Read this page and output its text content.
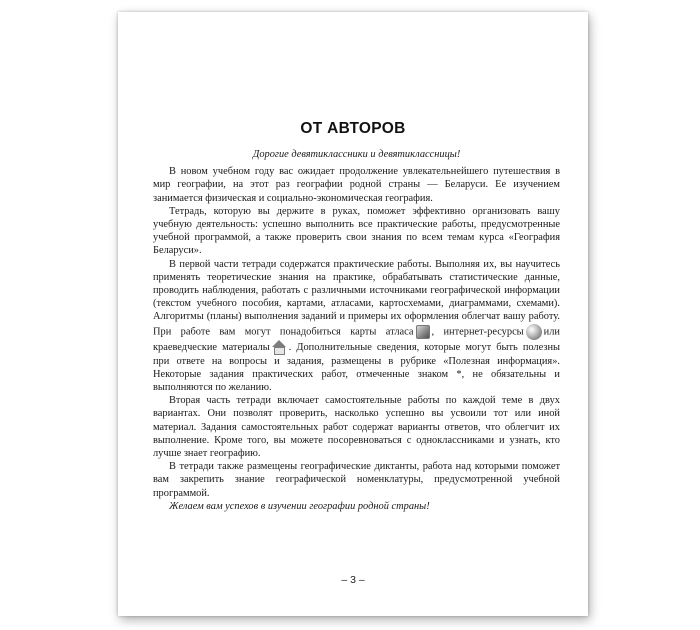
ОТ АВТОРОВ

Дорогие девятиклассники и девятиклассницы!

В новом учебном году вас ожидает продолжение увлекательнейшего путешествия в мир географии, на этот раз географии родной страны — Беларуси. Ее изучением занимается физическая и социально-экономическая география.

Тетрадь, которую вы держите в руках, поможет эффективно организовать вашу учебную деятельность: успешно выполнить все практические работы, предусмотренные учебной программой, а также проверить свои знания по всем темам курса «География Беларуси».

В первой части тетради содержатся практические работы. Выполняя их, вы научитесь применять теоретические знания на практике, обрабатывать статистические данные, проводить наблюдения, работать с различными источниками географической информации (текстом учебного пособия, картами, атласами, картосхемами, диаграммами, схемами). Алгоритмы (планы) выполнения заданий и примеры их оформления облегчат вашу работу. При работе вам могут понадобиться карты атласа , интернет-ресурсы или краеведческие материалы . Дополнительные сведения, которые могут быть полезны при ответе на вопросы и задания, размещены в рубрике «Полезная информация». Некоторые задания практических работ, отмеченные знаком *, не обязательны и выполняются по желанию.

Вторая часть тетради включает самостоятельные работы по каждой теме в двух вариантах. Они позволят проверить, насколько успешно вы усвоили тот или иной материал. Задания самостоятельных работ содержат варианты ответов, что облегчит их выполнение. Кроме того, вы можете посоревноваться с одноклассниками и узнать, кто лучше знает географию.

В тетради также размещены географические диктанты, работа над которыми поможет вам закрепить знание географической номенклатуры, предусмотренной учебной программой.

Желаем вам успехов в изучении географии родной страны!

– 3 –
